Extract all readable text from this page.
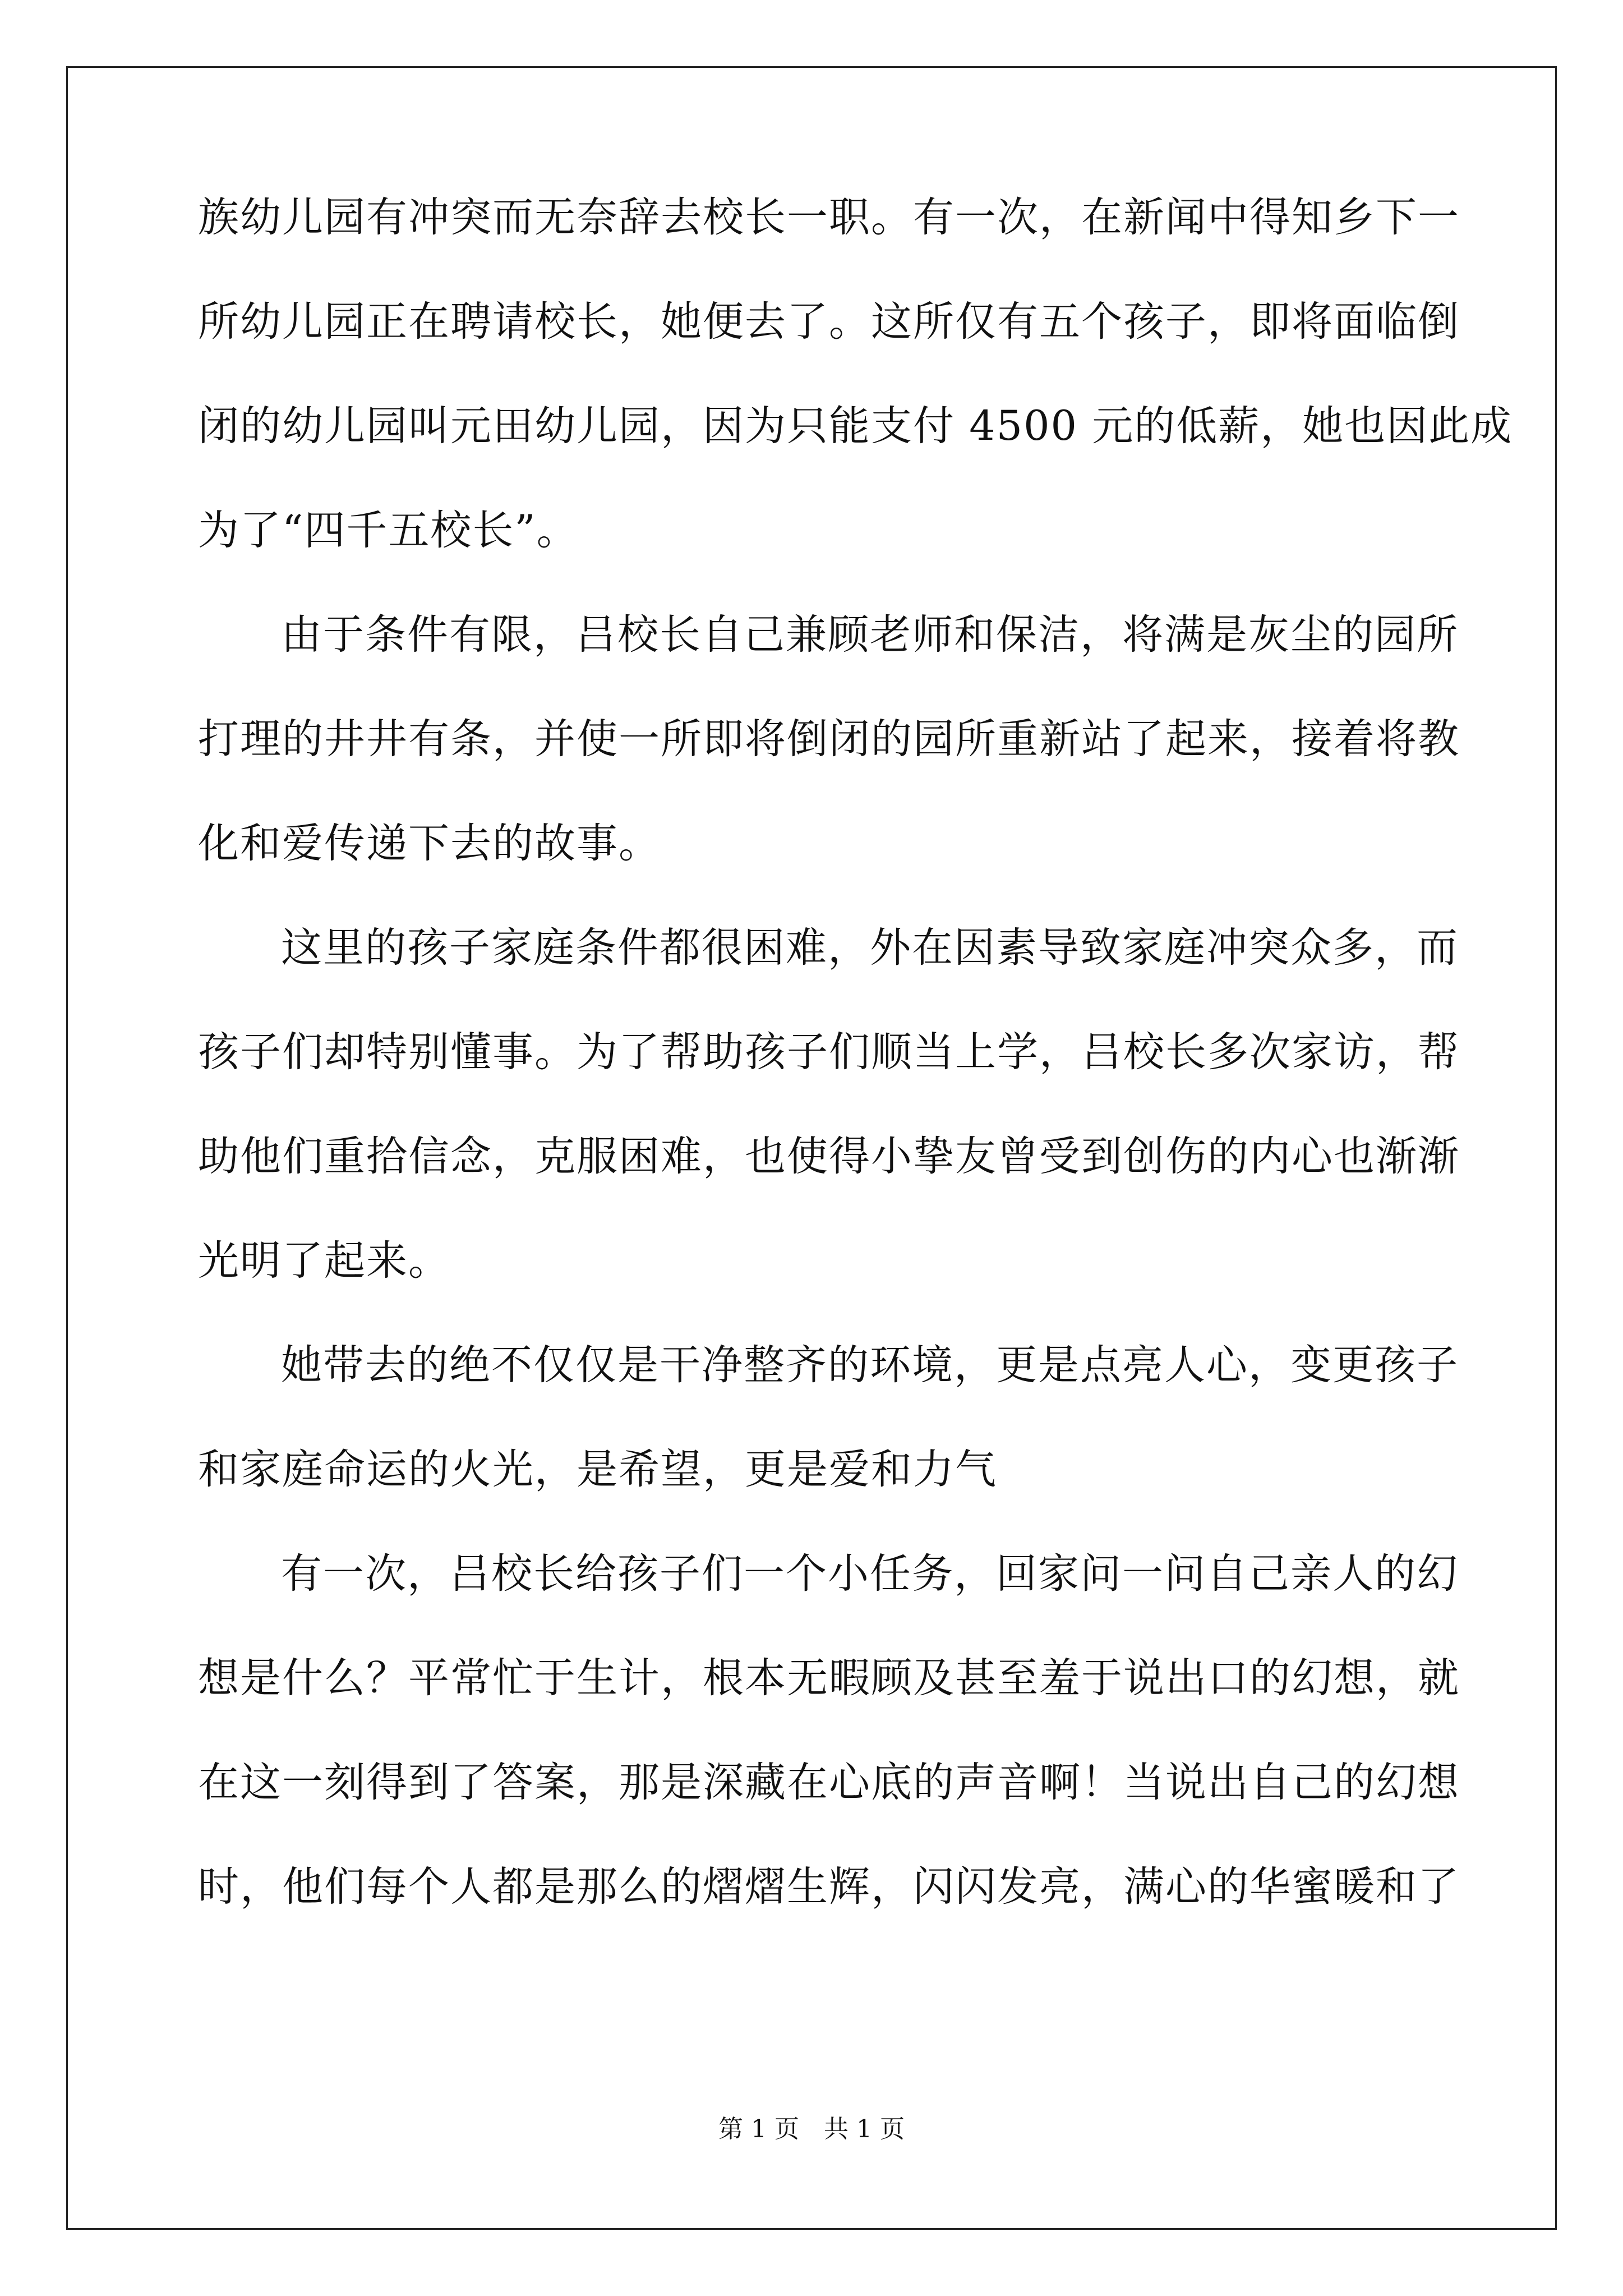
族幼儿园有冲突而无奈辞去校长一职。有一次，在新闻中得知乡下一
所幼儿园正在聘请校长，她便去了。这所仅有五个孩子，即将面临倒
闭的幼儿园叫元田幼儿园，因为只能支付 4500 元的低薪，她也因此成
为了“四千五校长”。
由于条件有限，吕校长自己兼顾老师和保洁，将满是灰尘的园所
打理的井井有条，并使一所即将倒闭的园所重新站了起来，接着将教
化和爱传递下去的故事。
这里的孩子家庭条件都很困难，外在因素导致家庭冲突众多，而
孩子们却特别懂事。为了帮助孩子们顺当上学，吕校长多次家访，帮
助他们重拾信念，克服困难，也使得小挚友曾受到创伤的内心也渐渐
光明了起来。
她带去的绝不仅仅是干净整齐的环境，更是点亮人心，变更孩子
和家庭命运的火光，是希望，更是爱和力气
有一次，吕校长给孩子们一个小任务，回家问一问自己亲人的幻
想是什么？平常忙于生计，根本无暇顾及甚至羞于说出口的幻想，就
在这一刻得到了答案，那是深藏在心底的声音啊！当说出自己的幻想
时，他们每个人都是那么的熠熠生辉，闪闪发亮，满心的华蜜暖和了
第 1 页　共 1 页
